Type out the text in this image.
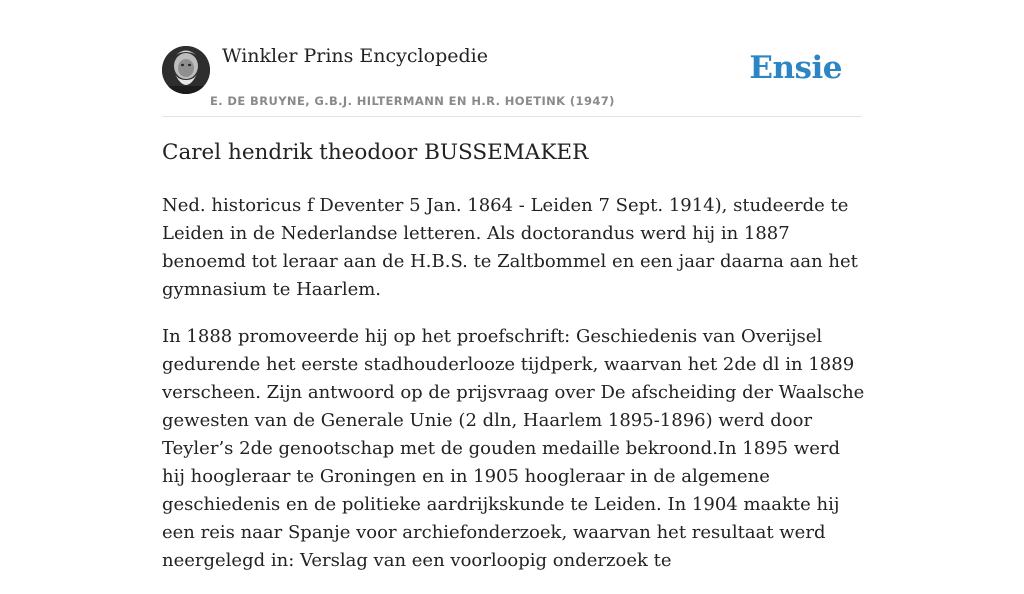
Winkler Prins Encyclopedie
E. DE BRUYNE, G.B.J. HILTERMANN EN H.R. HOETINK (1947)
Ensie
Carel hendrik theodoor BUSSEMAKER

Ned. historicus f Deventer 5 Jan. 1864 - Leiden 7 Sept. 1914), studeerde te Leiden in de Nederlandse letteren. Als doctorandus werd hij in 1887 benoemd tot leraar aan de H.B.S. te Zaltbommel en een jaar daarna aan het gymnasium te Haarlem.

In 1888 promoveerde hij op het proefschrift: Geschiedenis van Overijsel gedurende het eerste stadhouderlooze tijdperk, waarvan het 2de dl in 1889 verscheen. Zijn antwoord op de prijsvraag over De afscheiding der Waalsche gewesten van de Generale Unie (2 dln, Haarlem 1895-1896) werd door Teyler’s 2de genootschap met de gouden medaille bekroond.In 1895 werd hij hoogleraar te Groningen en in 1905 hoogleraar in de algemene geschiedenis en de politieke aardrijkskunde te Leiden. In 1904 maakte hij een reis naar Spanje voor archiefonderzoek, waarvan het resultaat werd neergelegd in: Verslag van een voorloopig onderzoek te
